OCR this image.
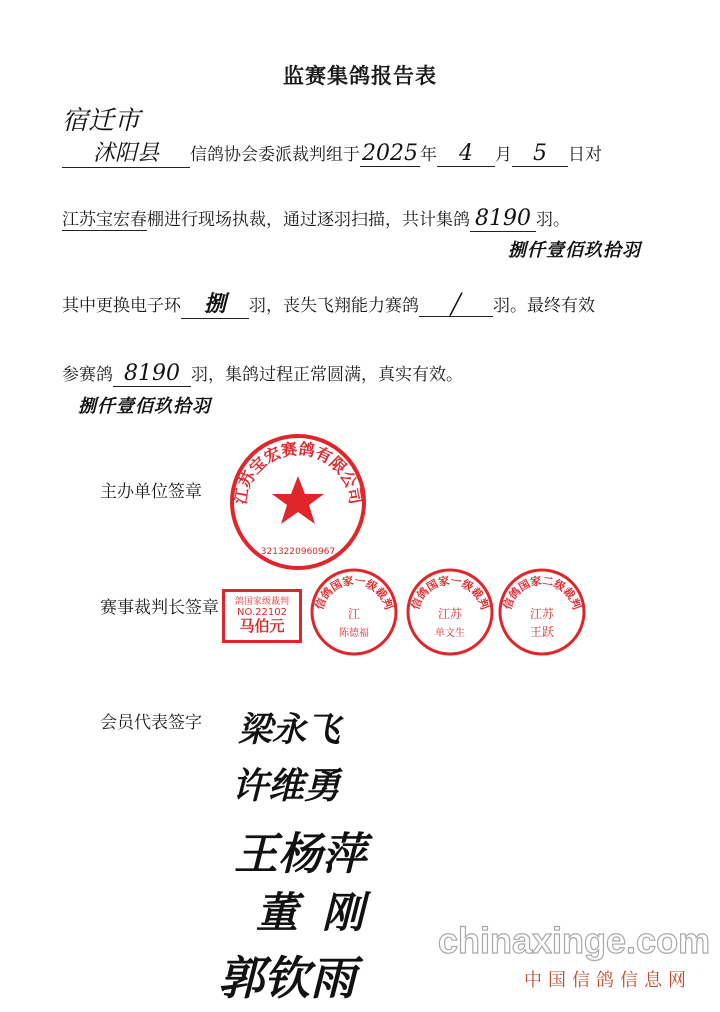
监赛集鸽报告表
宿迁市
沭阳县 信鸽协会委派裁判组于2025 年 4 月 5 日对
江苏宝宏春棚进行现场执裁，通过逐羽扫描，共计集鸽 8190 羽。
捌仟壹佰玖拾羽
其中更换电子环 捌 羽，丧失飞翔能力赛鸽 ╱ 羽。最终有效
参赛鸽 8190 羽，集鸽过程正常圆满，真实有效。
捌仟壹佰玖拾羽
主办单位签章
赛事裁判长签章
会员代表签字
江苏宝宏赛鸽有限公司
3213220960967
鸽国家级裁判
NO.22102
马伯元
信鸽国家一级裁判
江
陈德福
信鸽国家一级裁判
江苏
单文生
信鸽国家二级裁判
江苏
王跃
梁永飞
许维勇
王杨萍
董刚
郭钦雨
chinaxinge.com
中国信鸽信息网
